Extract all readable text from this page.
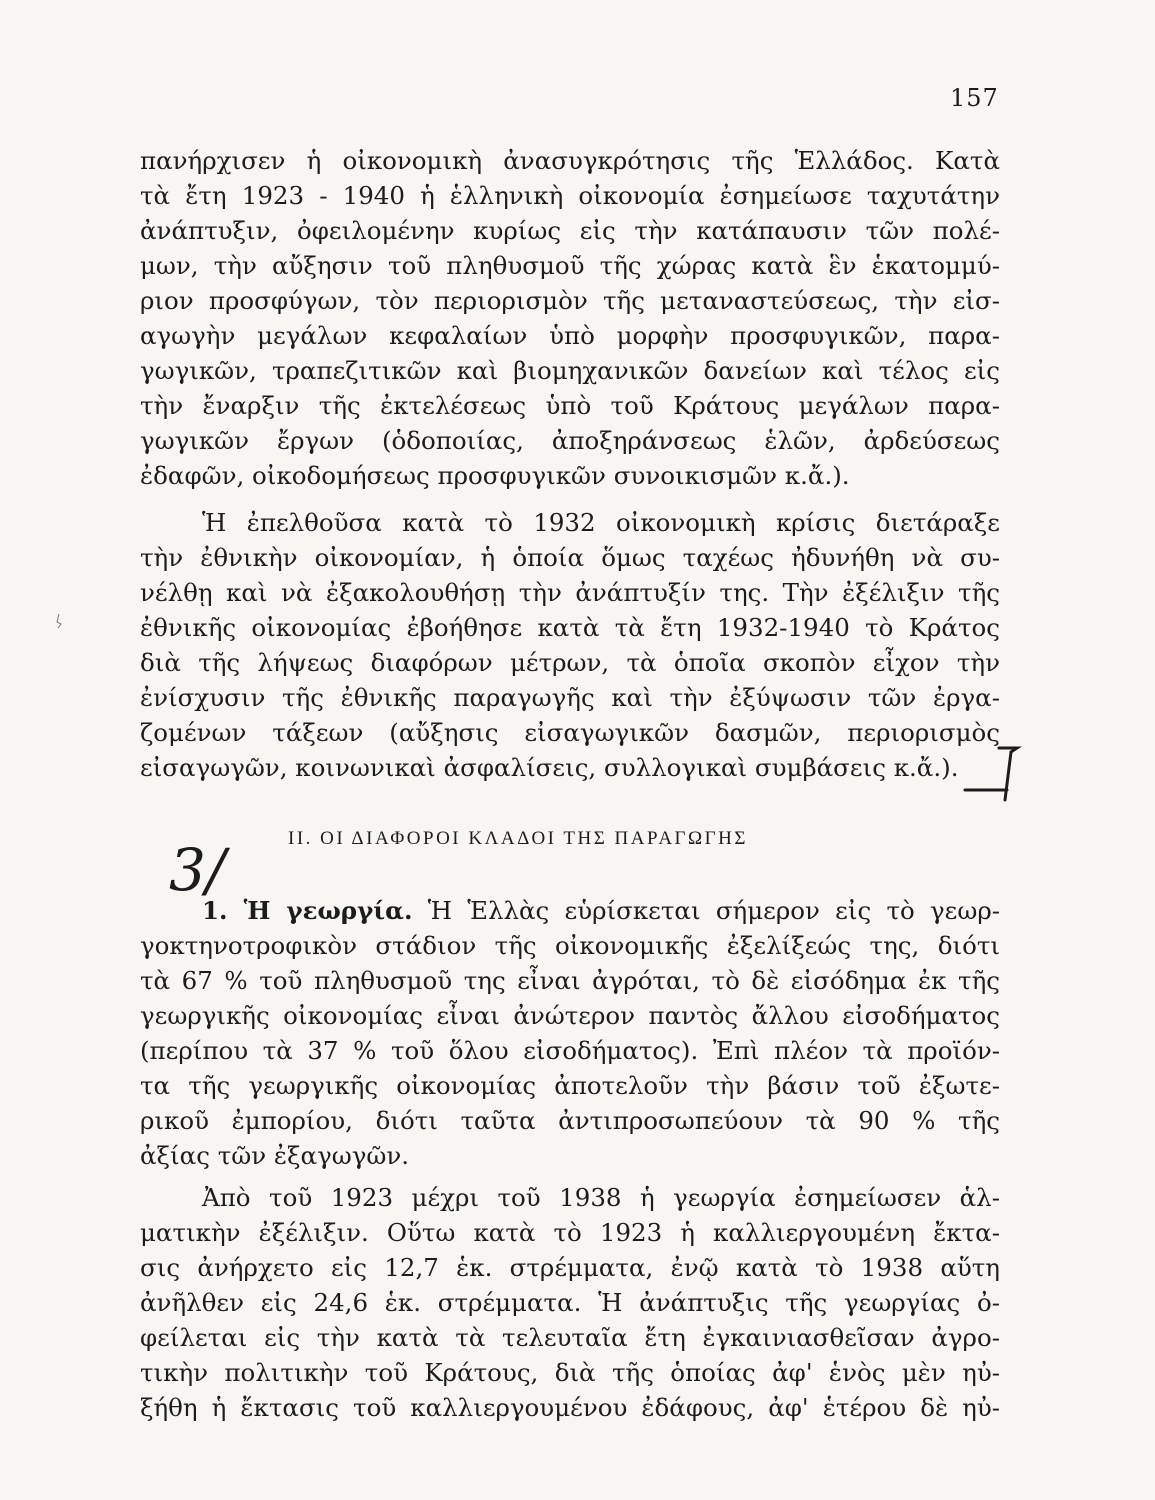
157
πανήρχισεν ἡ οἰκονομικὴ ἀνασυγκρότησις τῆς Ἑλλάδος. Κατὰ
τὰ ἔτη 1923 - 1940 ἡ ἑλληνικὴ οἰκονομία ἐσημείωσε ταχυτάτην
ἀνάπτυξιν, ὀφειλομένην κυρίως εἰς τὴν κατάπαυσιν τῶν πολέ-
μων, τὴν αὔξησιν τοῦ πληθυσμοῦ τῆς χώρας κατὰ ἓν ἑκατομμύ-
ριον προσφύγων, τὸν περιορισμὸν τῆς μεταναστεύσεως, τὴν εἰσ-
αγωγὴν μεγάλων κεφαλαίων ὑπὸ μορφὴν προσφυγικῶν, παρα-
γωγικῶν, τραπεζιτικῶν καὶ βιομηχανικῶν δανείων καὶ τέλος εἰς
τὴν ἔναρξιν τῆς ἐκτελέσεως ὑπὸ τοῦ Κράτους μεγάλων παρα-
γωγικῶν ἔργων (ὁδοποιίας, ἀποξηράνσεως ἑλῶν, ἀρδεύσεως
ἐδαφῶν, οἰκοδομήσεως προσφυγικῶν συνοικισμῶν κ.ἄ.).
Ἡ ἐπελθοῦσα κατὰ τὸ 1932 οἰκονομικὴ κρίσις διετάραξε
τὴν ἐθνικὴν οἰκονομίαν, ἡ ὁποία ὅμως ταχέως ἠδυνήθη νὰ συ-
νέλθῃ καὶ νὰ ἐξακολουθήσῃ τὴν ἀνάπτυξίν της. Τὴν ἐξέλιξιν τῆς
ἐθνικῆς οἰκονομίας ἐβοήθησε κατὰ τὰ ἔτη 1932-1940 τὸ Κράτος
διὰ τῆς λήψεως διαφόρων μέτρων, τὰ ὁποῖα σκοπὸν εἶχον τὴν
ἐνίσχυσιν τῆς ἐθνικῆς παραγωγῆς καὶ τὴν ἐξύψωσιν τῶν ἐργα-
ζομένων τάξεων (αὔξησις εἰσαγωγικῶν δασμῶν, περιορισμὸς
εἰσαγωγῶν, κοινωνικαὶ ἀσφαλίσεις, συλλογικαὶ συμβάσεις κ.ἄ.).
3/	II. ΟΙ ΔΙΑΦΟΡΟΙ ΚΛΑΔΟΙ ΤΗΣ ΠΑΡΑΓΩΓΗΣ
1. Ἡ γεωργία. Ἡ Ἑλλὰς εὑρίσκεται σήμερον εἰς τὸ γεωρ-
γοκτηνοτροφικὸν στάδιον τῆς οἰκονομικῆς ἐξελίξεώς της, διότι
τὰ 67 % τοῦ πληθυσμοῦ της εἶναι ἀγρόται, τὸ δὲ εἰσόδημα ἐκ τῆς
γεωργικῆς οἰκονομίας εἶναι ἀνώτερον παντὸς ἄλλου εἰσοδήματος
(περίπου τὰ 37 % τοῦ ὅλου εἰσοδήματος). Ἐπὶ πλέον τὰ προϊόν-
τα τῆς γεωργικῆς οἰκονομίας ἀποτελοῦν τὴν βάσιν τοῦ ἐξωτε-
ρικοῦ ἐμπορίου, διότι ταῦτα ἀντιπροσωπεύουν τὰ 90 % τῆς
ἀξίας τῶν ἐξαγωγῶν.
Ἀπὸ τοῦ 1923 μέχρι τοῦ 1938 ἡ γεωργία ἐσημείωσεν ἁλ-
ματικὴν ἐξέλιξιν. Οὕτω κατὰ τὸ 1923 ἡ καλλιεργουμένη ἔκτα-
σις ἀνήρχετο εἰς 12,7 ἑκ. στρέμματα, ἐνῷ κατὰ τὸ 1938 αὕτη
ἀνῆλθεν εἰς 24,6 ἑκ. στρέμματα. Ἡ ἀνάπτυξις τῆς γεωργίας ὀ-
φείλεται εἰς τὴν κατὰ τὰ τελευταῖα ἔτη ἐγκαινιασθεῖσαν ἀγρο-
τικὴν πολιτικὴν τοῦ Κράτους, διὰ τῆς ὁποίας ἀφ' ἑνὸς μὲν ηὐ-
ξήθη ἡ ἔκτασις τοῦ καλλιεργουμένου ἐδάφους, ἀφ' ἑτέρου δὲ ηὐ-
